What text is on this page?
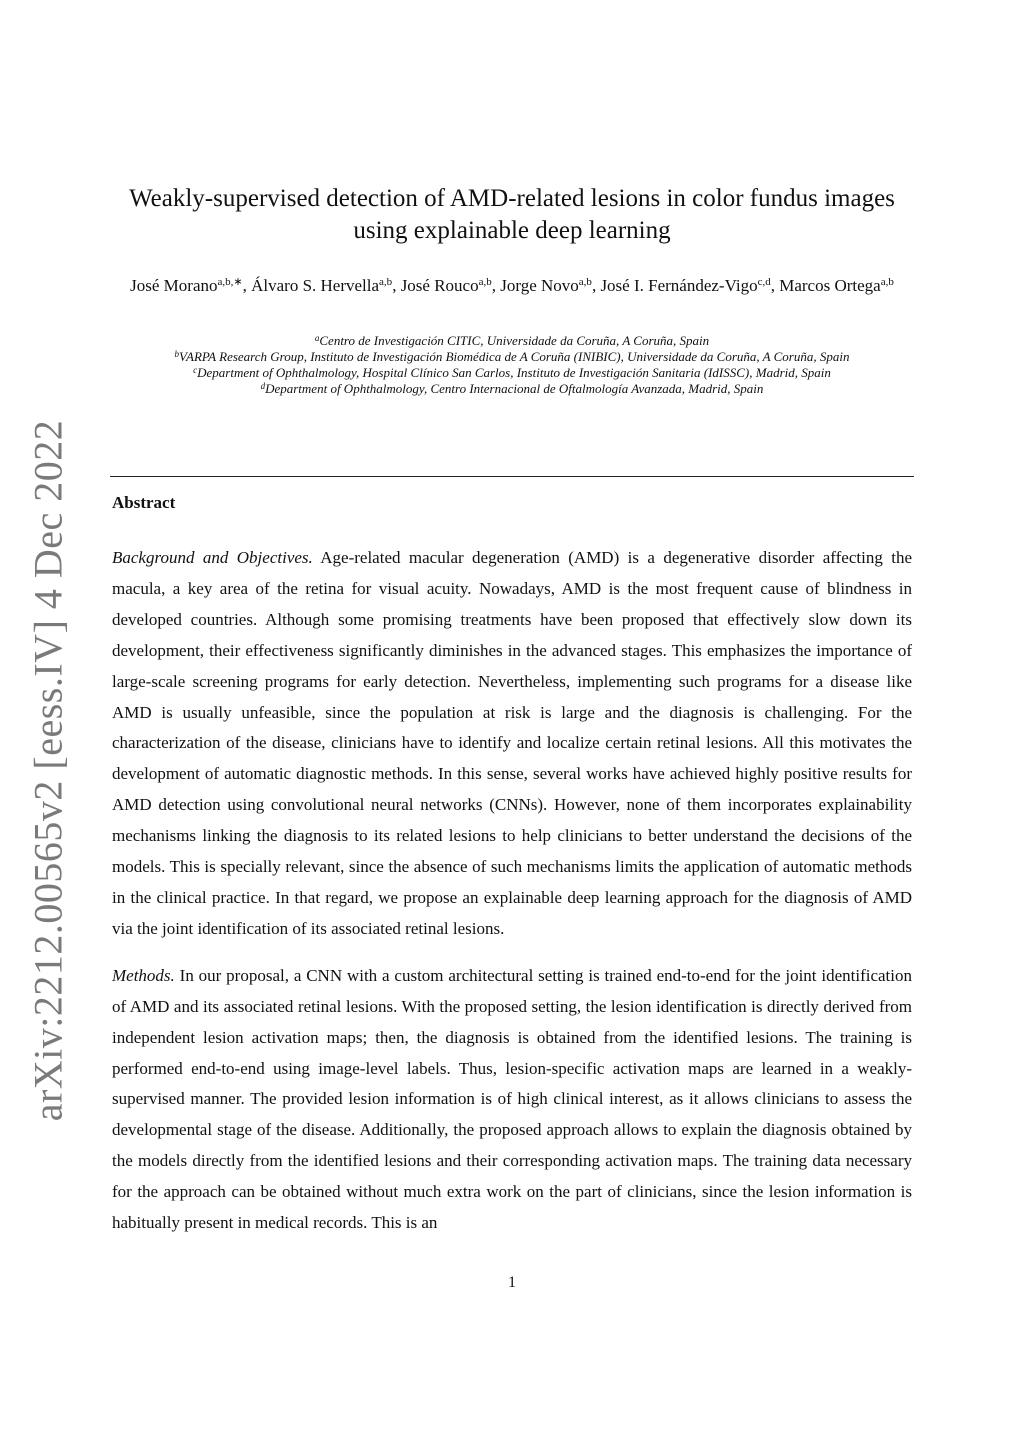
arXiv:2212.00565v2 [eess.IV] 4 Dec 2022
Weakly-supervised detection of AMD-related lesions in color fundus images using explainable deep learning
José Morano$^{a,b,∗}$, Álvaro S. Hervella$^{a,b}$, José Rouco$^{a,b}$, Jorge Novo$^{a,b}$, José I. Fernández-Vigo$^{c,d}$, Marcos Ortega$^{a,b}$
$^a$Centro de Investigación CITIC, Universidade da Coruña, A Coruña, Spain
$^b$VARPA Research Group, Instituto de Investigación Biomédica de A Coruña (INIBIC), Universidade da Coruña, A Coruña, Spain
$^c$Department of Ophthalmology, Hospital Clínico San Carlos, Instituto de Investigación Sanitaria (IdISSC), Madrid, Spain
$^d$Department of Ophthalmology, Centro Internacional de Oftalmología Avanzada, Madrid, Spain
Abstract

Background and Objectives. Age-related macular degeneration (AMD) is a degenerative disorder affecting the macula, a key area of the retina for visual acuity. Nowadays, AMD is the most frequent cause of blindness in developed countries. Although some promising treatments have been proposed that effectively slow down its development, their effectiveness significantly diminishes in the advanced stages. This emphasizes the importance of large-scale screening programs for early detection. Nevertheless, implementing such programs for a disease like AMD is usually unfeasible, since the population at risk is large and the diagnosis is challenging. For the characterization of the disease, clinicians have to identify and localize certain retinal lesions. All this motivates the development of automatic diagnostic methods. In this sense, several works have achieved highly positive results for AMD detection using convolutional neural networks (CNNs). However, none of them incorporates explainability mechanisms linking the diagnosis to its related lesions to help clinicians to better understand the decisions of the models. This is specially relevant, since the absence of such mechanisms limits the application of automatic methods in the clinical practice. In that regard, we propose an explainable deep learning approach for the diagnosis of AMD via the joint identification of its associated retinal lesions.

Methods. In our proposal, a CNN with a custom architectural setting is trained end-to-end for the joint identification of AMD and its associated retinal lesions. With the proposed setting, the lesion identification is directly derived from independent lesion activation maps; then, the diagnosis is obtained from the identified lesions. The training is performed end-to-end using image-level labels. Thus, lesion-specific activation maps are learned in a weakly-supervised manner. The provided lesion information is of high clinical interest, as it allows clinicians to assess the developmental stage of the disease. Additionally, the proposed approach allows to explain the diagnosis obtained by the models directly from the identified lesions and their corresponding activation maps. The training data necessary for the approach can be obtained without much extra work on the part of clinicians, since the lesion information is habitually present in medical records. This is an

1
